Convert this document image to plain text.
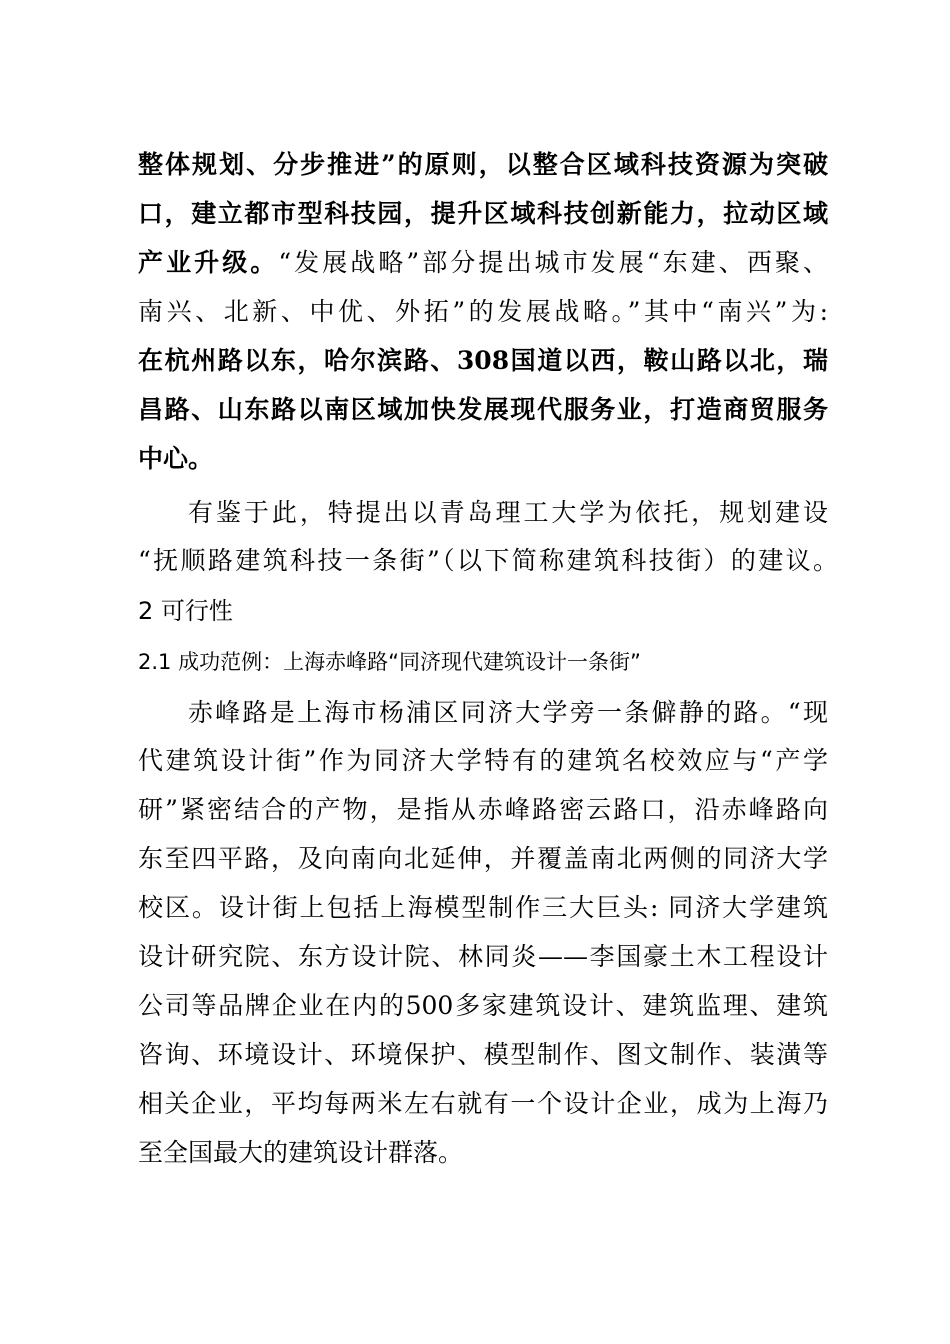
整体规划、分步推进”的原则，以整合区域科技资源为突破
口，建立都市型科技园，提升区域科技创新能力，拉动区域
产业升级。“发展战略”部分提出城市发展“东建、西聚、
南兴、北新、中优、外拓”的发展战略。”其中“南兴”为:
在杭州路以东，哈尔滨路、308国道以西，鞍山路以北，瑞
昌路、山东路以南区域加快发展现代服务业，打造商贸服务
中心。
有鉴于此，特提出以青岛理工大学为依托，规划建设
“抚顺路建筑科技一条街”（以下简称建筑科技街）的建议。
2 可行性
2.1 成功范例：上海赤峰路“同济现代建筑设计一条街”
赤峰路是上海市杨浦区同济大学旁一条僻静的路。“现
代建筑设计街”作为同济大学特有的建筑名校效应与“产学
研”紧密结合的产物，是指从赤峰路密云路口，沿赤峰路向
东至四平路，及向南向北延伸，并覆盖南北两侧的同济大学
校区。设计街上包括上海模型制作三大巨头: 同济大学建筑
设计研究院、东方设计院、林同炎——李国豪土木工程设计
公司等品牌企业在内的500多家建筑设计、建筑监理、建筑
咨询、环境设计、环境保护、模型制作、图文制作、装潢等
相关企业，平均每两米左右就有一个设计企业，成为上海乃
至全国最大的建筑设计群落。
